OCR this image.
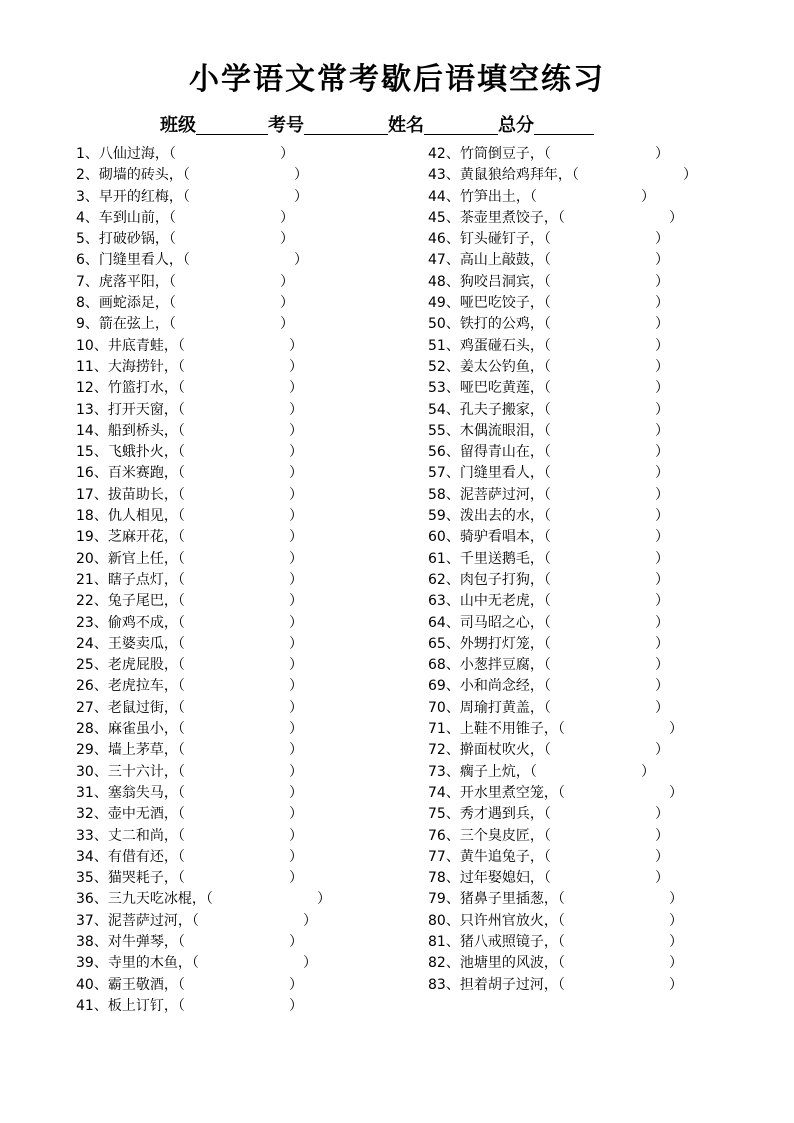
小学语文常考歇后语填空练习
班级	考号	姓名	总分
1、八仙过海，（	）
2、砌墙的砖头，（	）
3、早开的红梅，（	）
4、车到山前，（	）
5、打破砂锅，（	）
6、门缝里看人，（	）
7、虎落平阳，（	）
8、画蛇添足，（	）
9、箭在弦上，（	）
10、井底青蛙，（	）
11、大海捞针，（	）
12、竹篮打水，（	）
13、打开天窗，（	）
14、船到桥头，（	）
15、飞蛾扑火，（	）
16、百米赛跑，（	）
17、拔苗助长，（	）
18、仇人相见，（	）
19、芝麻开花，（	）
20、新官上任，（	）
21、瞎子点灯，（	）
22、兔子尾巴，（	）
23、偷鸡不成，（	）
24、王婆卖瓜，（	）
25、老虎屁股，（	）
26、老虎拉车，（	）
27、老鼠过街，（	）
28、麻雀虽小，（	）
29、墙上茅草，（	）
30、三十六计，（	）
31、塞翁失马，（	）
32、壶中无酒，（	）
33、丈二和尚，（	）
34、有借有还，（	）
35、猫哭耗子，（	）
36、三九天吃冰棍，（	）
37、泥菩萨过河，（	）
38、对牛弹琴，（	）
39、寺里的木鱼，（	）
40、霸王敬酒，（	）
41、板上订钉，（	）
42、竹筒倒豆子，（	）
43、黄鼠狼给鸡拜年，（	）
44、竹笋出土，（	）
45、茶壶里煮饺子，（	）
46、钉头碰钉子，（	）
47、高山上敲鼓，（	）
48、狗咬吕洞宾，（	）
49、哑巴吃饺子，（	）
50、铁打的公鸡，（	）
51、鸡蛋碰石头，（	）
52、姜太公钓鱼，（	）
53、哑巴吃黄莲，（	）
54、孔夫子搬家，（	）
55、木偶流眼泪，（	）
56、留得青山在，（	）
57、门缝里看人，（	）
58、泥菩萨过河，（	）
59、泼出去的水，（	）
60、骑驴看唱本，（	）
61、千里送鹅毛，（	）
62、肉包子打狗，（	）
63、山中无老虎，（	）
64、司马昭之心，（	）
65、外甥打灯笼，（	）
68、小葱拌豆腐，（	）
69、小和尚念经，（	）
70、周瑜打黄盖，（	）
71、上鞋不用锥子，（	）
72、擀面杖吹火，（	）
73、瘸子上炕，（	）
74、开水里煮空笼，（	）
75、秀才遇到兵，（	）
76、三个臭皮匠，（	）
77、黄牛追兔子，（	）
78、过年娶媳妇，（	）
79、猪鼻子里插葱，（	）
80、只许州官放火，（	）
81、猪八戒照镜子，（	）
82、池塘里的风波，（	）
83、担着胡子过河，（	）
